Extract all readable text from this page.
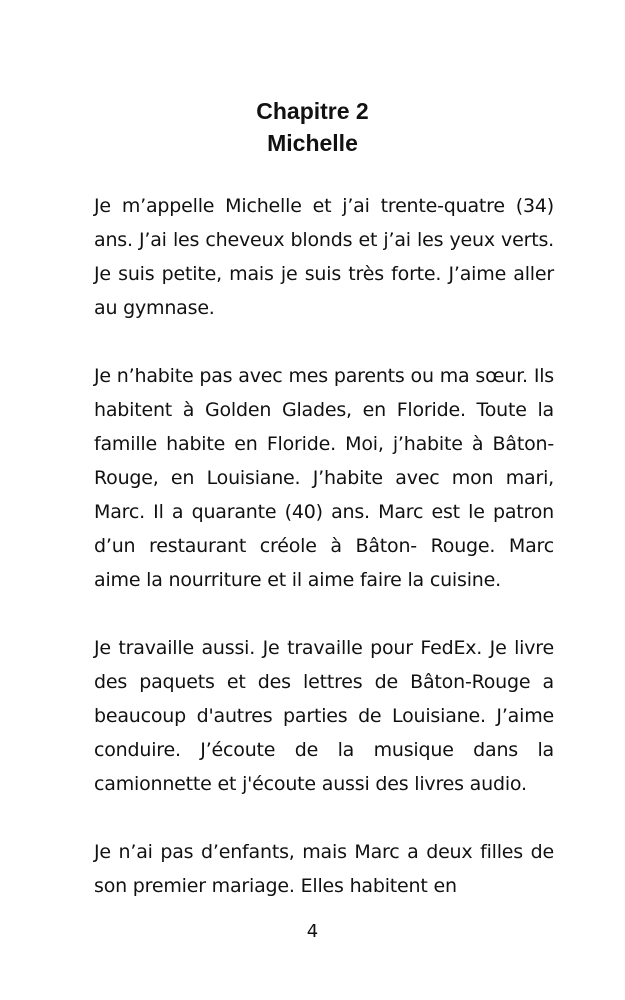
Chapitre 2
Michelle

Je m’appelle Michelle et j’ai trente-quatre (34) ans. J’ai les cheveux blonds et j’ai les yeux verts. Je suis petite, mais je suis très forte. J’aime aller au gymnase.

Je n’habite pas avec mes parents ou ma sœur. Ils habitent à Golden Glades, en Floride. Toute la famille habite en Floride. Moi, j’habite à Bâton-Rouge, en Louisiane. J’habite avec mon mari, Marc. Il a quarante (40) ans. Marc est le patron d’un restaurant créole à Bâton- Rouge. Marc aime la nourriture et il aime faire la cuisine.

Je travaille aussi. Je travaille pour FedEx. Je livre des paquets et des lettres de Bâton-Rouge a beaucoup d'autres parties de Louisiane. J’aime conduire. J’écoute de la musique dans la camionnette et j'écoute aussi des livres audio.

Je n’ai pas d’enfants, mais Marc a deux filles de son premier mariage. Elles habitent en

4
